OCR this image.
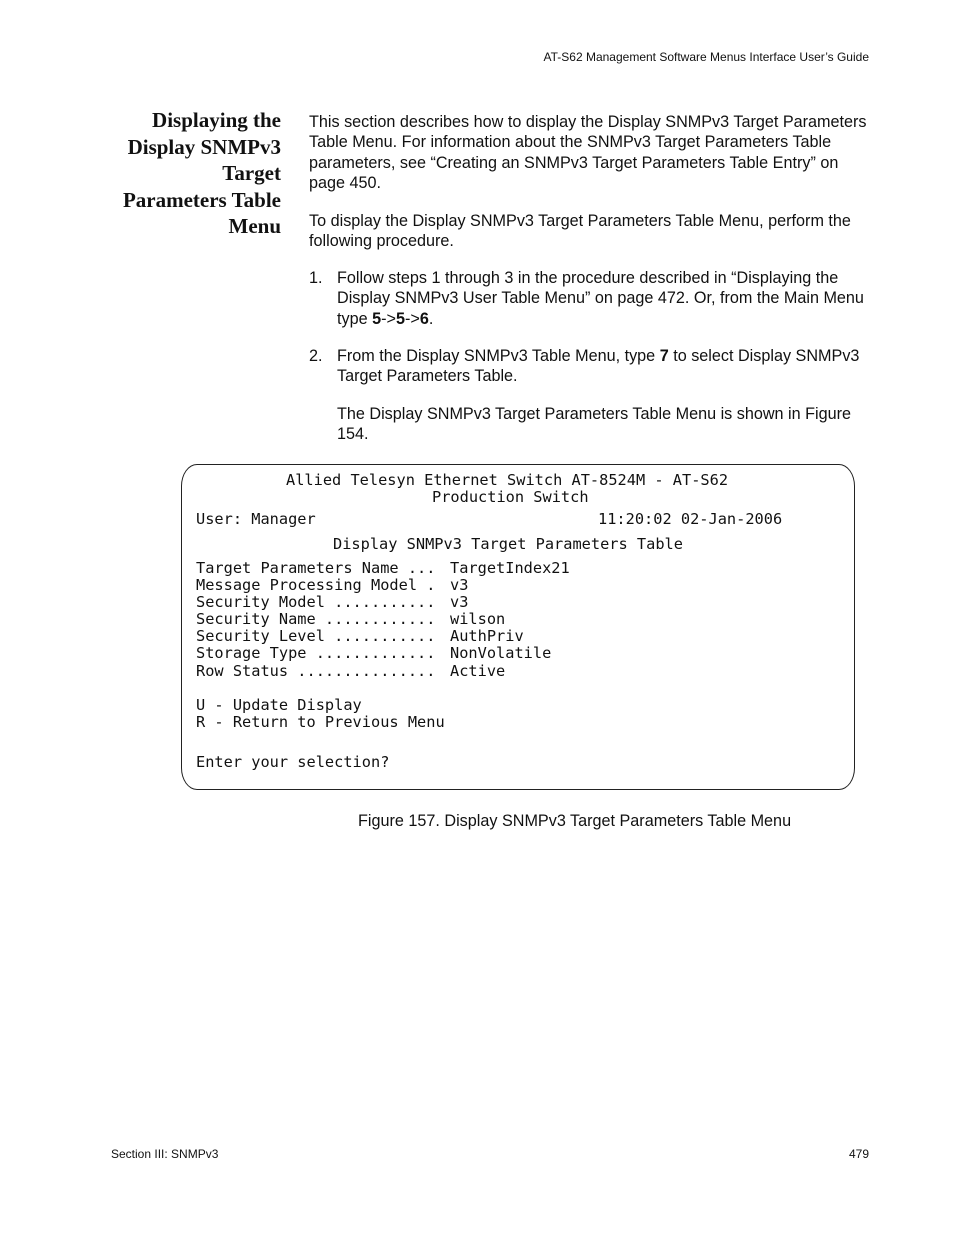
AT-S62 Management Software Menus Interface User’s Guide
Displaying the
Display SNMPv3
Target
Parameters Table
Menu
This section describes how to display the Display SNMPv3 Target Parameters Table Menu. For information about the SNMPv3 Target Parameters Table parameters, see “Creating an SNMPv3 Target Parameters Table Entry” on page 450.
To display the Display SNMPv3 Target Parameters Table Menu, perform the following procedure.
1. Follow steps 1 through 3 in the procedure described in “Displaying the Display SNMPv3 User Table Menu” on page 472. Or, from the Main Menu type 5->5->6.
2. From the Display SNMPv3 Table Menu, type 7 to select Display SNMPv3 Target Parameters Table.
The Display SNMPv3 Target Parameters Table Menu is shown in Figure 154.
Allied Telesyn Ethernet Switch AT-8524M - AT-S62
Production Switch
User: Manager	11:20:02 02-Jan-2006
Display SNMPv3 Target Parameters Table
Target Parameters Name ... TargetIndex21
Message Processing Model . v3
Security Model ........... v3
Security Name ............ wilson
Security Level ........... AuthPriv
Storage Type ............. NonVolatile
Row Status ............... Active
U - Update Display
R - Return to Previous Menu
Enter your selection?
Figure 157. Display SNMPv3 Target Parameters Table Menu
Section III: SNMPv3	479
